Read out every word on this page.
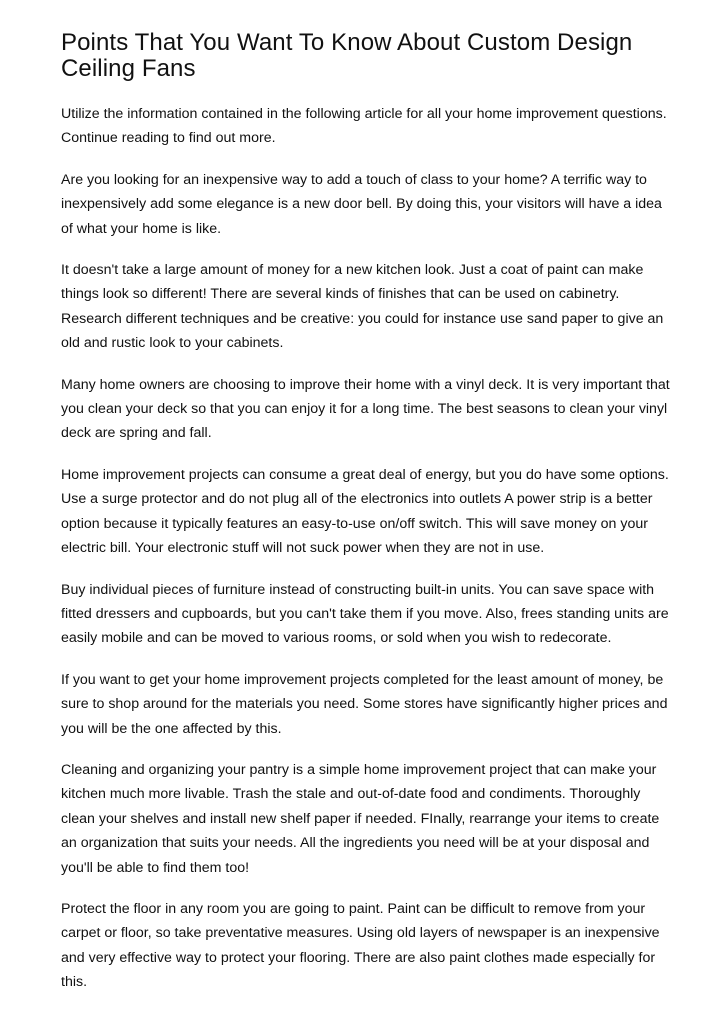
Points That You Want To Know About Custom Design Ceiling Fans

Utilize the information contained in the following article for all your home improvement questions. Continue reading to find out more.

Are you looking for an inexpensive way to add a touch of class to your home? A terrific way to inexpensively add some elegance is a new door bell. By doing this, your visitors will have a idea of what your home is like.

It doesn't take a large amount of money for a new kitchen look. Just a coat of paint can make things look so different! There are several kinds of finishes that can be used on cabinetry. Research different techniques and be creative: you could for instance use sand paper to give an old and rustic look to your cabinets.

Many home owners are choosing to improve their home with a vinyl deck. It is very important that you clean your deck so that you can enjoy it for a long time. The best seasons to clean your vinyl deck are spring and fall.

Home improvement projects can consume a great deal of energy, but you do have some options. Use a surge protector and do not plug all of the electronics into outlets A power strip is a better option because it typically features an easy-to-use on/off switch. This will save money on your electric bill. Your electronic stuff will not suck power when they are not in use.

Buy individual pieces of furniture instead of constructing built-in units. You can save space with fitted dressers and cupboards, but you can't take them if you move. Also, frees standing units are easily mobile and can be moved to various rooms, or sold when you wish to redecorate.

If you want to get your home improvement projects completed for the least amount of money, be sure to shop around for the materials you need. Some stores have significantly higher prices and you will be the one affected by this.

Cleaning and organizing your pantry is a simple home improvement project that can make your kitchen much more livable. Trash the stale and out-of-date food and condiments. Thoroughly clean your shelves and install new shelf paper if needed. FInally, rearrange your items to create an organization that suits your needs. All the ingredients you need will be at your disposal and you'll be able to find them too!

Protect the floor in any room you are going to paint. Paint can be difficult to remove from your carpet or floor, so take preventative measures. Using old layers of newspaper is an inexpensive and very effective way to protect your flooring. There are also paint clothes made especially for this.
